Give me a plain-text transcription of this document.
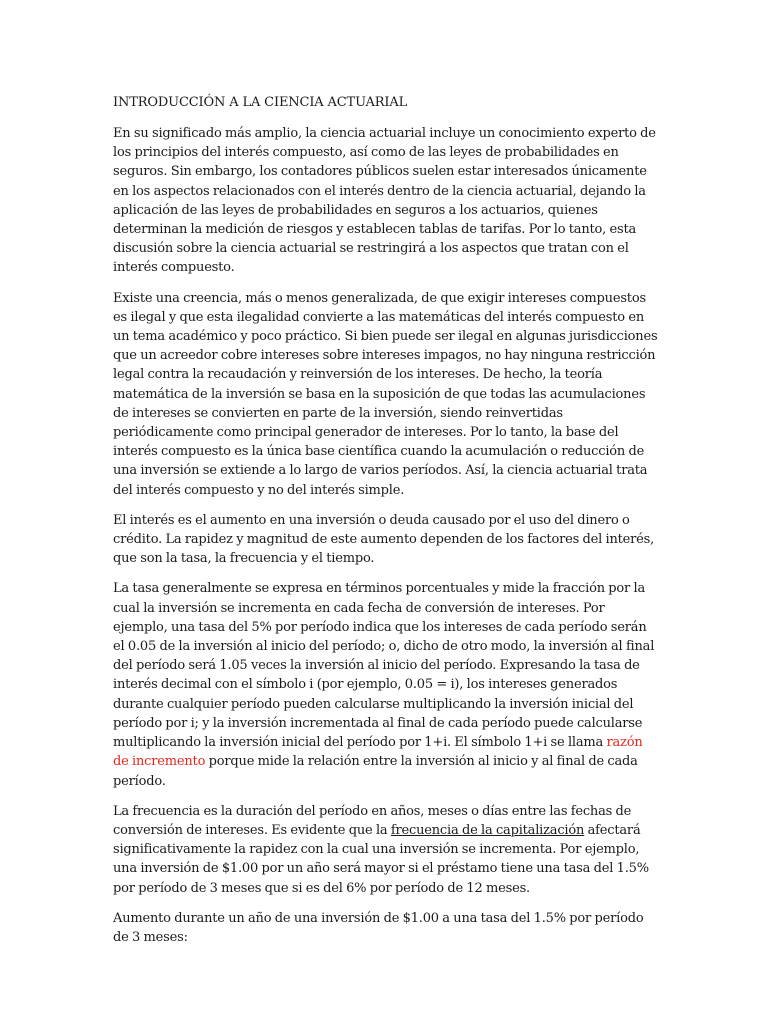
INTRODUCCIÓN A LA CIENCIA ACTUARIAL

En su significado más amplio, la ciencia actuarial incluye un conocimiento experto de los principios del interés compuesto, así como de las leyes de probabilidades en seguros. Sin embargo, los contadores públicos suelen estar interesados únicamente en los aspectos relacionados con el interés dentro de la ciencia actuarial, dejando la aplicación de las leyes de probabilidades en seguros a los actuarios, quienes determinan la medición de riesgos y establecen tablas de tarifas. Por lo tanto, esta discusión sobre la ciencia actuarial se restringirá a los aspectos que tratan con el interés compuesto.

Existe una creencia, más o menos generalizada, de que exigir intereses compuestos es ilegal y que esta ilegalidad convierte a las matemáticas del interés compuesto en un tema académico y poco práctico. Si bien puede ser ilegal en algunas jurisdicciones que un acreedor cobre intereses sobre intereses impagos, no hay ninguna restricción legal contra la recaudación y reinversión de los intereses. De hecho, la teoría matemática de la inversión se basa en la suposición de que todas las acumulaciones de intereses se convierten en parte de la inversión, siendo reinvertidas periódicamente como principal generador de intereses. Por lo tanto, la base del interés compuesto es la única base científica cuando la acumulación o reducción de una inversión se extiende a lo largo de varios períodos. Así, la ciencia actuarial trata del interés compuesto y no del interés simple.

El interés es el aumento en una inversión o deuda causado por el uso del dinero o crédito. La rapidez y magnitud de este aumento dependen de los factores del interés, que son la tasa, la frecuencia y el tiempo.

La tasa generalmente se expresa en términos porcentuales y mide la fracción por la cual la inversión se incrementa en cada fecha de conversión de intereses. Por ejemplo, una tasa del 5% por período indica que los intereses de cada período serán el 0.05 de la inversión al inicio del período; o, dicho de otro modo, la inversión al final del período será 1.05 veces la inversión al inicio del período. Expresando la tasa de interés decimal con el símbolo i (por ejemplo, 0.05 = i), los intereses generados durante cualquier período pueden calcularse multiplicando la inversión inicial del período por i; y la inversión incrementada al final de cada período puede calcularse multiplicando la inversión inicial del período por 1+i. El símbolo 1+i se llama razón de incremento porque mide la relación entre la inversión al inicio y al final de cada período.

La frecuencia es la duración del período en años, meses o días entre las fechas de conversión de intereses. Es evidente que la frecuencia de la capitalización afectará significativamente la rapidez con la cual una inversión se incrementa. Por ejemplo, una inversión de $1.00 por un año será mayor si el préstamo tiene una tasa del 1.5% por período de 3 meses que si es del 6% por período de 12 meses.

Aumento durante un año de una inversión de $1.00 a una tasa del 1.5% por período de 3 meses:
